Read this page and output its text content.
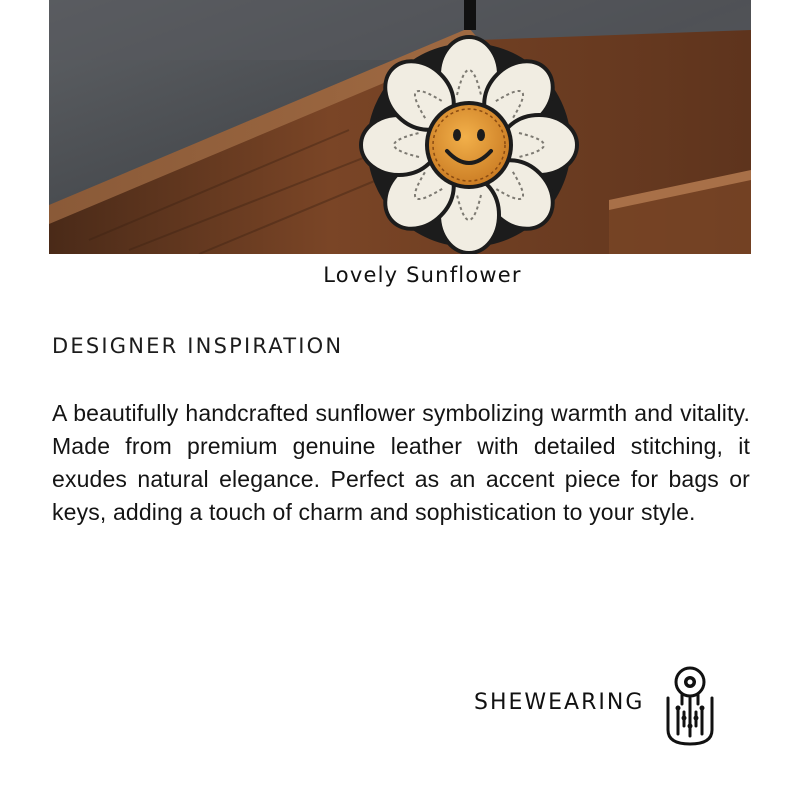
Lovely Sunflower
DESIGNER INSPIRATION

A beautifully handcrafted sunflower symbolizing warmth and vitality. Made from premium genuine leather with detailed stitching, it exudes natural elegance. Perfect as an accent piece for bags or keys, adding a touch of charm and sophistication to your style.

SHEWEARING
